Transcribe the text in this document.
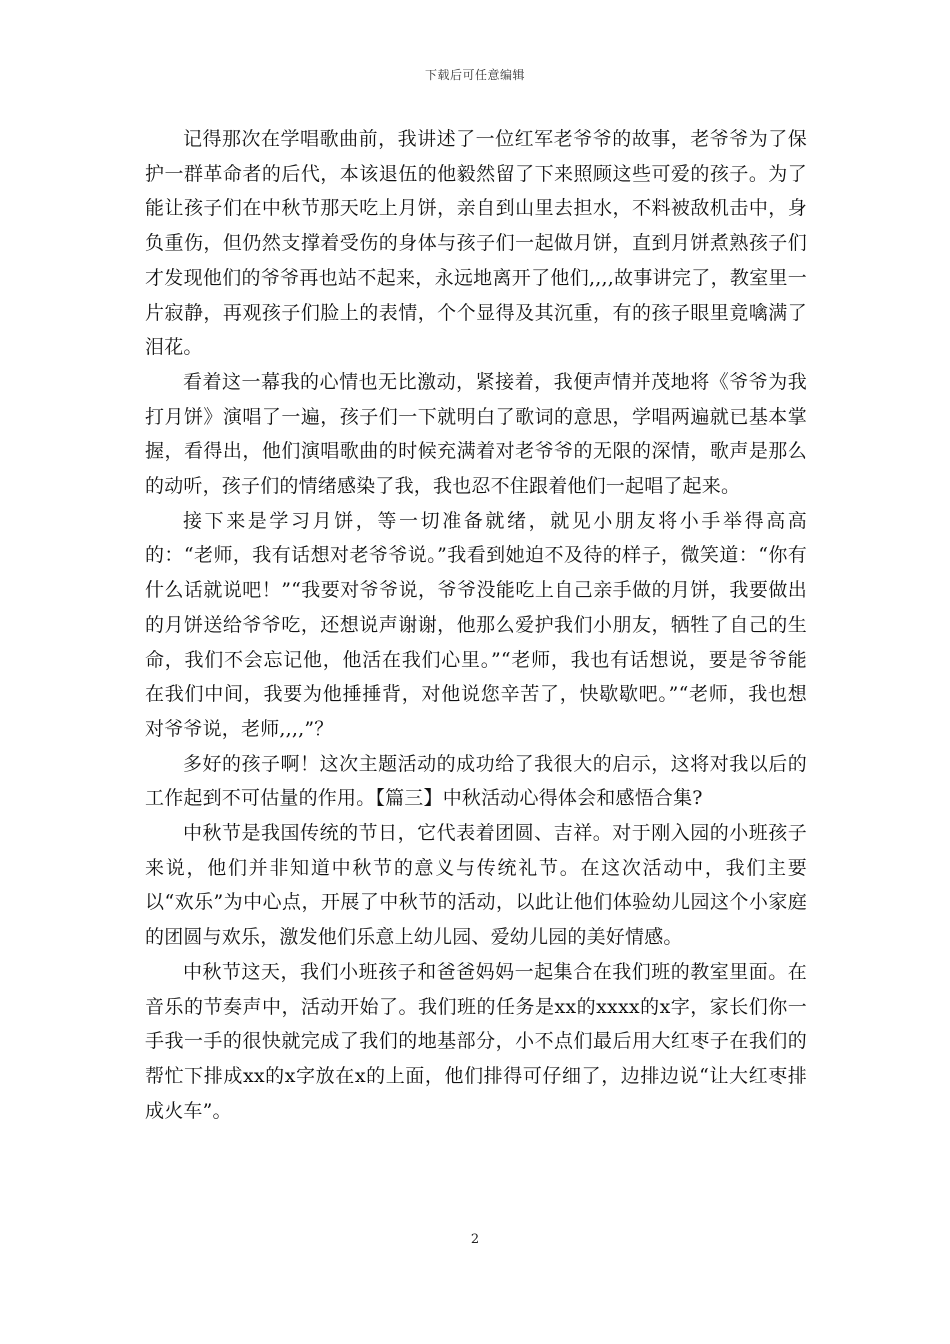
下载后可任意编辑

记得那次在学唱歌曲前，我讲述了一位红军老爷爷的故事，老爷爷为了保护一群革命者的后代，本该退伍的他毅然留了下来照顾这些可爱的孩子。为了能让孩子们在中秋节那天吃上月饼，亲自到山里去担水，不料被敌机击中，身负重伤，但仍然支撑着受伤的身体与孩子们一起做月饼，直到月饼煮熟孩子们才发现他们的爷爷再也站不起来，永远地离开了他们,,,,故事讲完了，教室里一片寂静，再观孩子们脸上的表情，个个显得及其沉重，有的孩子眼里竟噙满了泪花。

看着这一幕我的心情也无比激动，紧接着，我便声情并茂地将《爷爷为我打月饼》演唱了一遍，孩子们一下就明白了歌词的意思，学唱两遍就已基本掌握，看得出，他们演唱歌曲的时候充满着对老爷爷的无限的深情，歌声是那么的动听，孩子们的情绪感染了我，我也忍不住跟着他们一起唱了起来。

接下来是学习月饼，等一切准备就绪，就见小朋友将小手举得高高的：“老师，我有话想对老爷爷说。”我看到她迫不及待的样子，微笑道：“你有什么话就说吧！”“我要对爷爷说，爷爷没能吃上自己亲手做的月饼，我要做出的月饼送给爷爷吃，还想说声谢谢，他那么爱护我们小朋友，牺牲了自己的生命，我们不会忘记他，他活在我们心里。”“老师，我也有话想说，要是爷爷能在我们中间，我要为他捶捶背，对他说您辛苦了，快歇歇吧。”“老师，我也想对爷爷说，老师,,,,”？

多好的孩子啊！这次主题活动的成功给了我很大的启示，这将对我以后的工作起到不可估量的作用。【篇三】中秋活动心得体会和感悟合集?

中秋节是我国传统的节日，它代表着团圆、吉祥。对于刚入园的小班孩子来说，他们并非知道中秋节的意义与传统礼节。在这次活动中，我们主要以“欢乐”为中心点，开展了中秋节的活动，以此让他们体验幼儿园这个小家庭的团圆与欢乐，激发他们乐意上幼儿园、爱幼儿园的美好情感。

中秋节这天，我们小班孩子和爸爸妈妈一起集合在我们班的教室里面。在音乐的节奏声中，活动开始了。我们班的任务是xx的xxxx的x字，家长们你一手我一手的很快就完成了我们的地基部分，小不点们最后用大红枣子在我们的帮忙下排成xx的x字放在x的上面，他们排得可仔细了，边排边说“让大红枣排成火车”。

2
